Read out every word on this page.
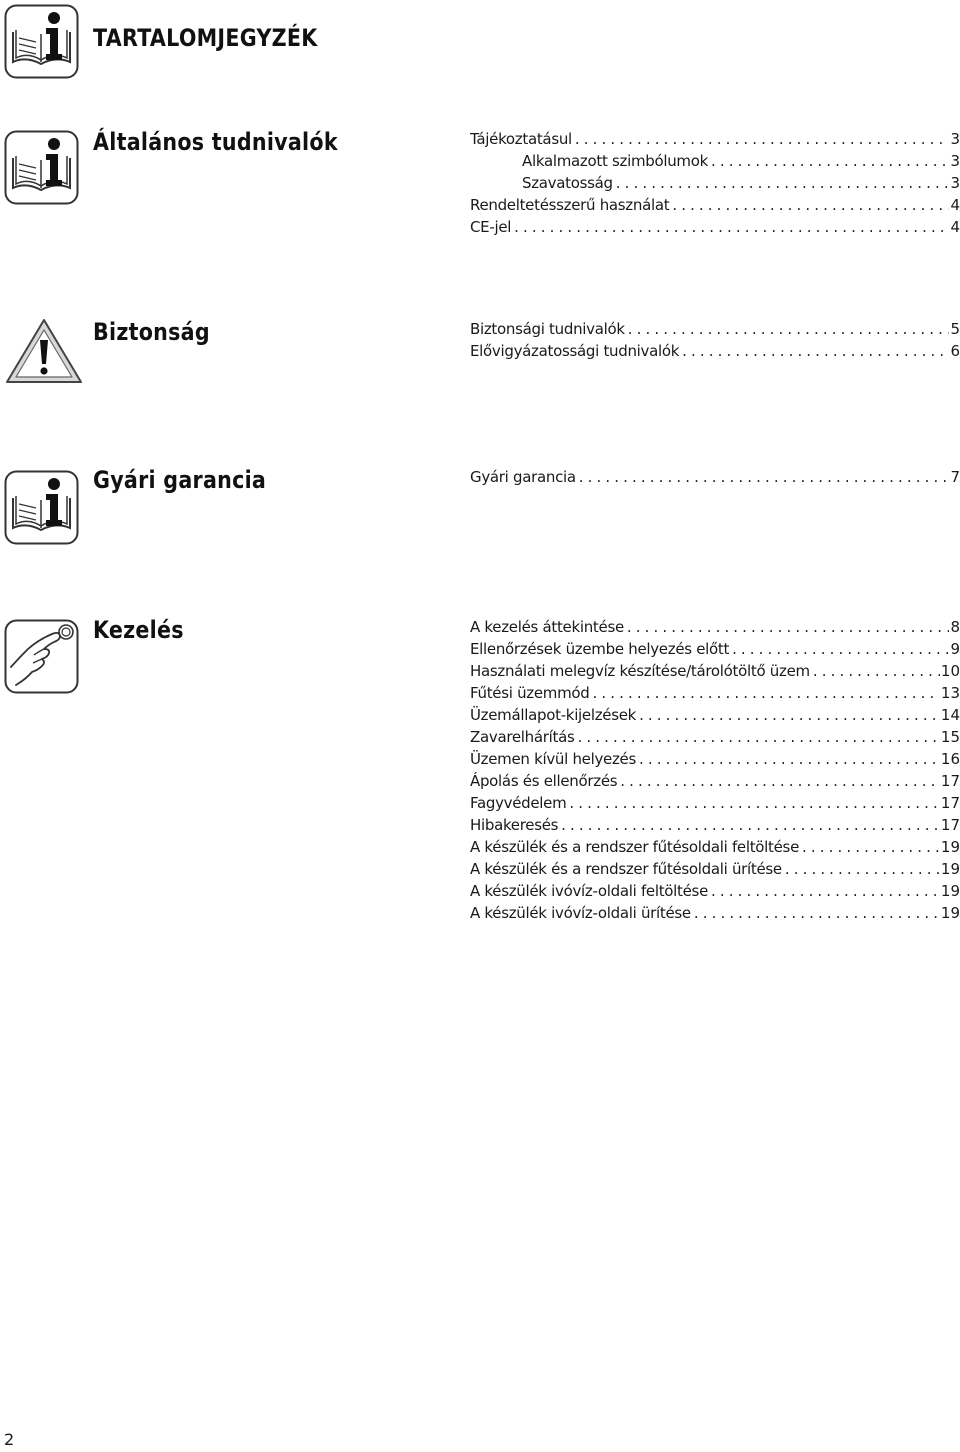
TARTALOMJEGYZÉK
Általános tudnivalók	Tájékoztatásul .....	3
Alkalmazott szimbólumok .....	3
Szavatosság .....	3
Rendeltetésszerű használat .....	4
CE-jel .....	4
Biztonság	Biztonsági tudnivalók .....	5
Elővigyázatossági tudnivalók .....	6
Gyári garancia	Gyári garancia .....	7
Kezelés	A kezelés áttekintése .....	8
Ellenőrzések üzembe helyezés előtt .....	9
Használati melegvíz készítése/tárolótöltő üzem .....	10
Fűtési üzemmód .....	13
Üzemállapot-kijelzések .....	14
Zavarelhárítás .....	15
Üzemen kívül helyezés .....	16
Ápolás és ellenőrzés .....	17
Fagyvédelem .....	17
Hibakeresés .....	17
A készülék és a rendszer fűtésoldali feltöltése .....	19
A készülék és a rendszer fűtésoldali ürítése .....	19
A készülék ivóvíz-oldali feltöltése .....	19
A készülék ivóvíz-oldali ürítése .....	19
2
